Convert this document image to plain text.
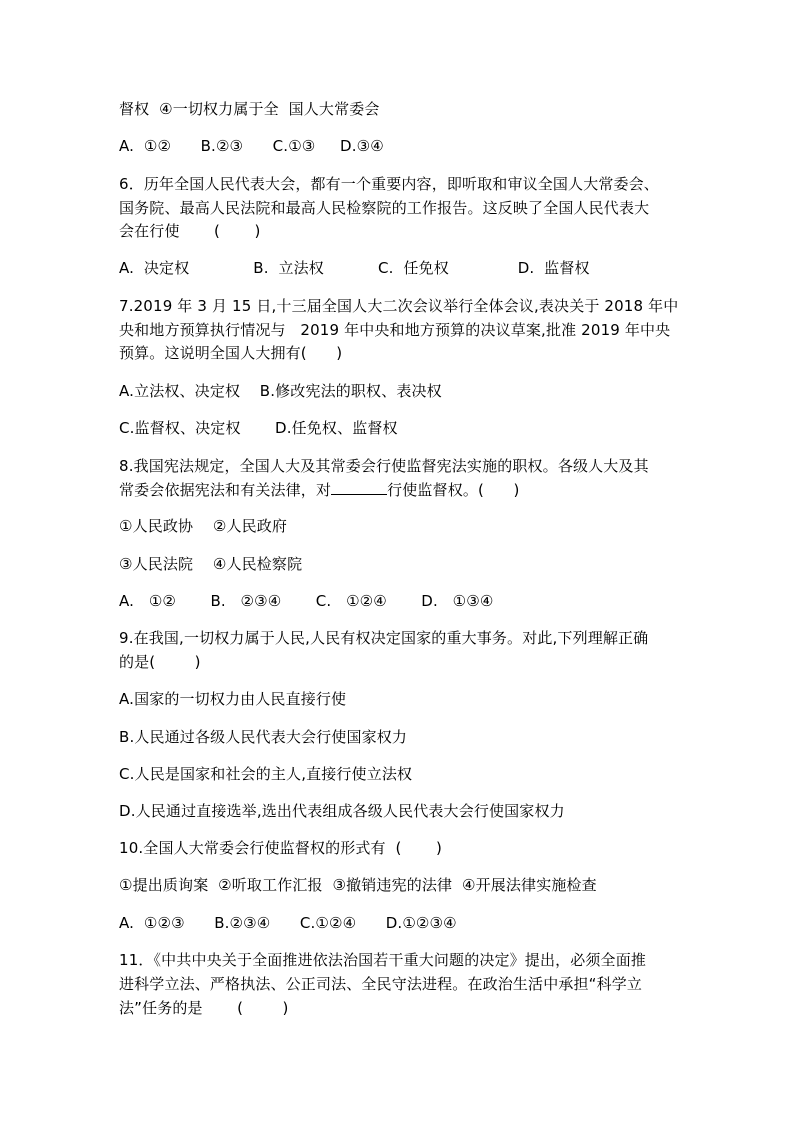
督权  ④一切权力属于全  国人大常委会
A.  ①②      B.②③      C.①③     D.③④
6．历年全国人民代表大会，都有一个重要内容，即听取和审议全国人大常委会、
国务院、最高人民法院和最高人民检察院的工作报告。这反映了全国人民代表大
会在行使       (       )
A.  决定权             B.  立法权           C.  任免权              D.  监督权
7.2019 年 3 月 15 日,十三届全国人大二次会议举行全体会议,表决关于 2018 年中
央和地方预算执行情况与   2019 年中央和地方预算的决议草案,批准 2019 年中央
预算。这说明全国人大拥有(      )
A.立法权、决定权    B.修改宪法的职权、表决权
C.监督权、决定权       D.任免权、监督权
8.我国宪法规定，全国人大及其常委会行使监督宪法实施的职权。各级人大及其
常委会依据宪法和有关法律，对	行使监督权。(      )
①人民政协    ②人民政府
③人民法院    ④人民检察院
A.   ①②       B.   ②③④       C.   ①②④       D.   ①③④
9.在我国,一切权力属于人民,人民有权决定国家的重大事务。对此,下列理解正确
的是(        )
A.国家的一切权力由人民直接行使
B.人民通过各级人民代表大会行使国家权力
C.人民是国家和社会的主人,直接行使立法权
D.人民通过直接选举,选出代表组成各级人民代表大会行使国家权力
10.全国人大常委会行使监督权的形式有  (       )
①提出质询案  ②听取工作汇报  ③撤销违宪的法律  ④开展法律实施检查
A.  ①②③      B.②③④      C.①②④      D.①②③④
11．《中共中央关于全面推进依法治国若干重大问题的决定》提出，必须全面推
进科学立法、严格执法、公正司法、全民守法进程。在政治生活中承担“科学立
法”任务的是       (        )
